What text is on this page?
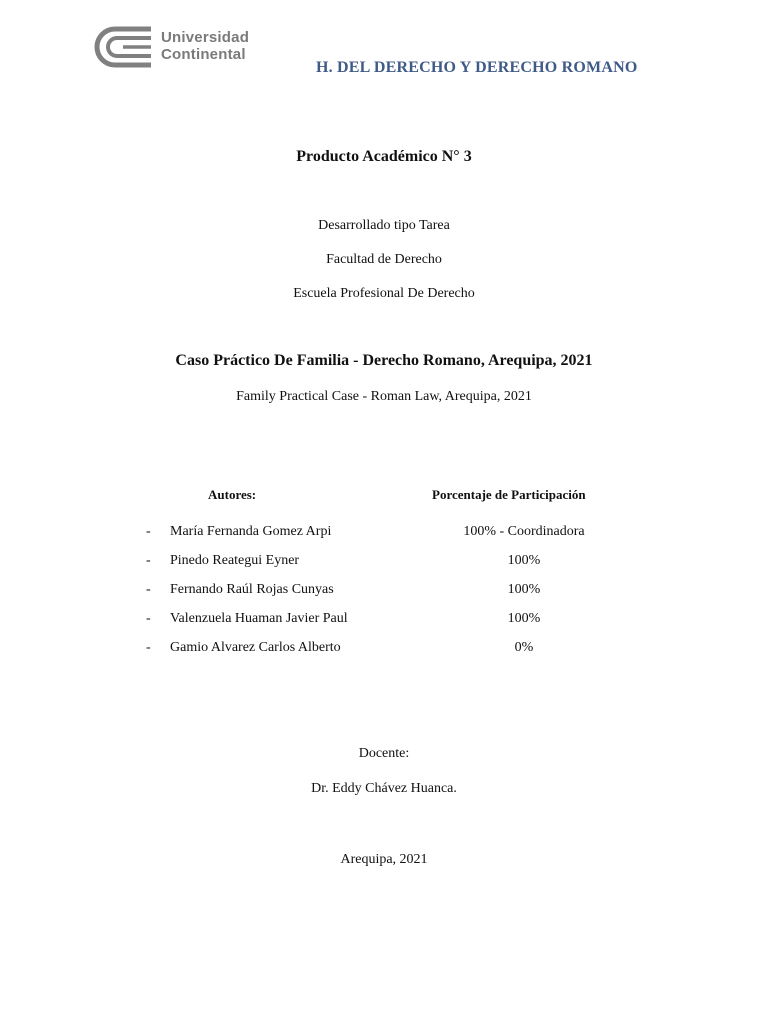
Universidad
Continental
H. DEL DERECHO Y DERECHO ROMANO
Producto Académico N° 3
Desarrollado tipo Tarea
Facultad de Derecho
Escuela Profesional De Derecho
Caso Práctico De Familia - Derecho Romano, Arequipa, 2021
Family Practical Case - Roman Law, Arequipa, 2021
Autores:	Porcentaje de Participación
- María Fernanda Gomez Arpi	100% - Coordinadora
- Pinedo Reategui Eyner	100%
- Fernando Raúl Rojas Cunyas	100%
- Valenzuela Huaman Javier Paul	100%
- Gamio Alvarez Carlos Alberto	0%
Docente:
Dr. Eddy Chávez Huanca.
Arequipa, 2021
